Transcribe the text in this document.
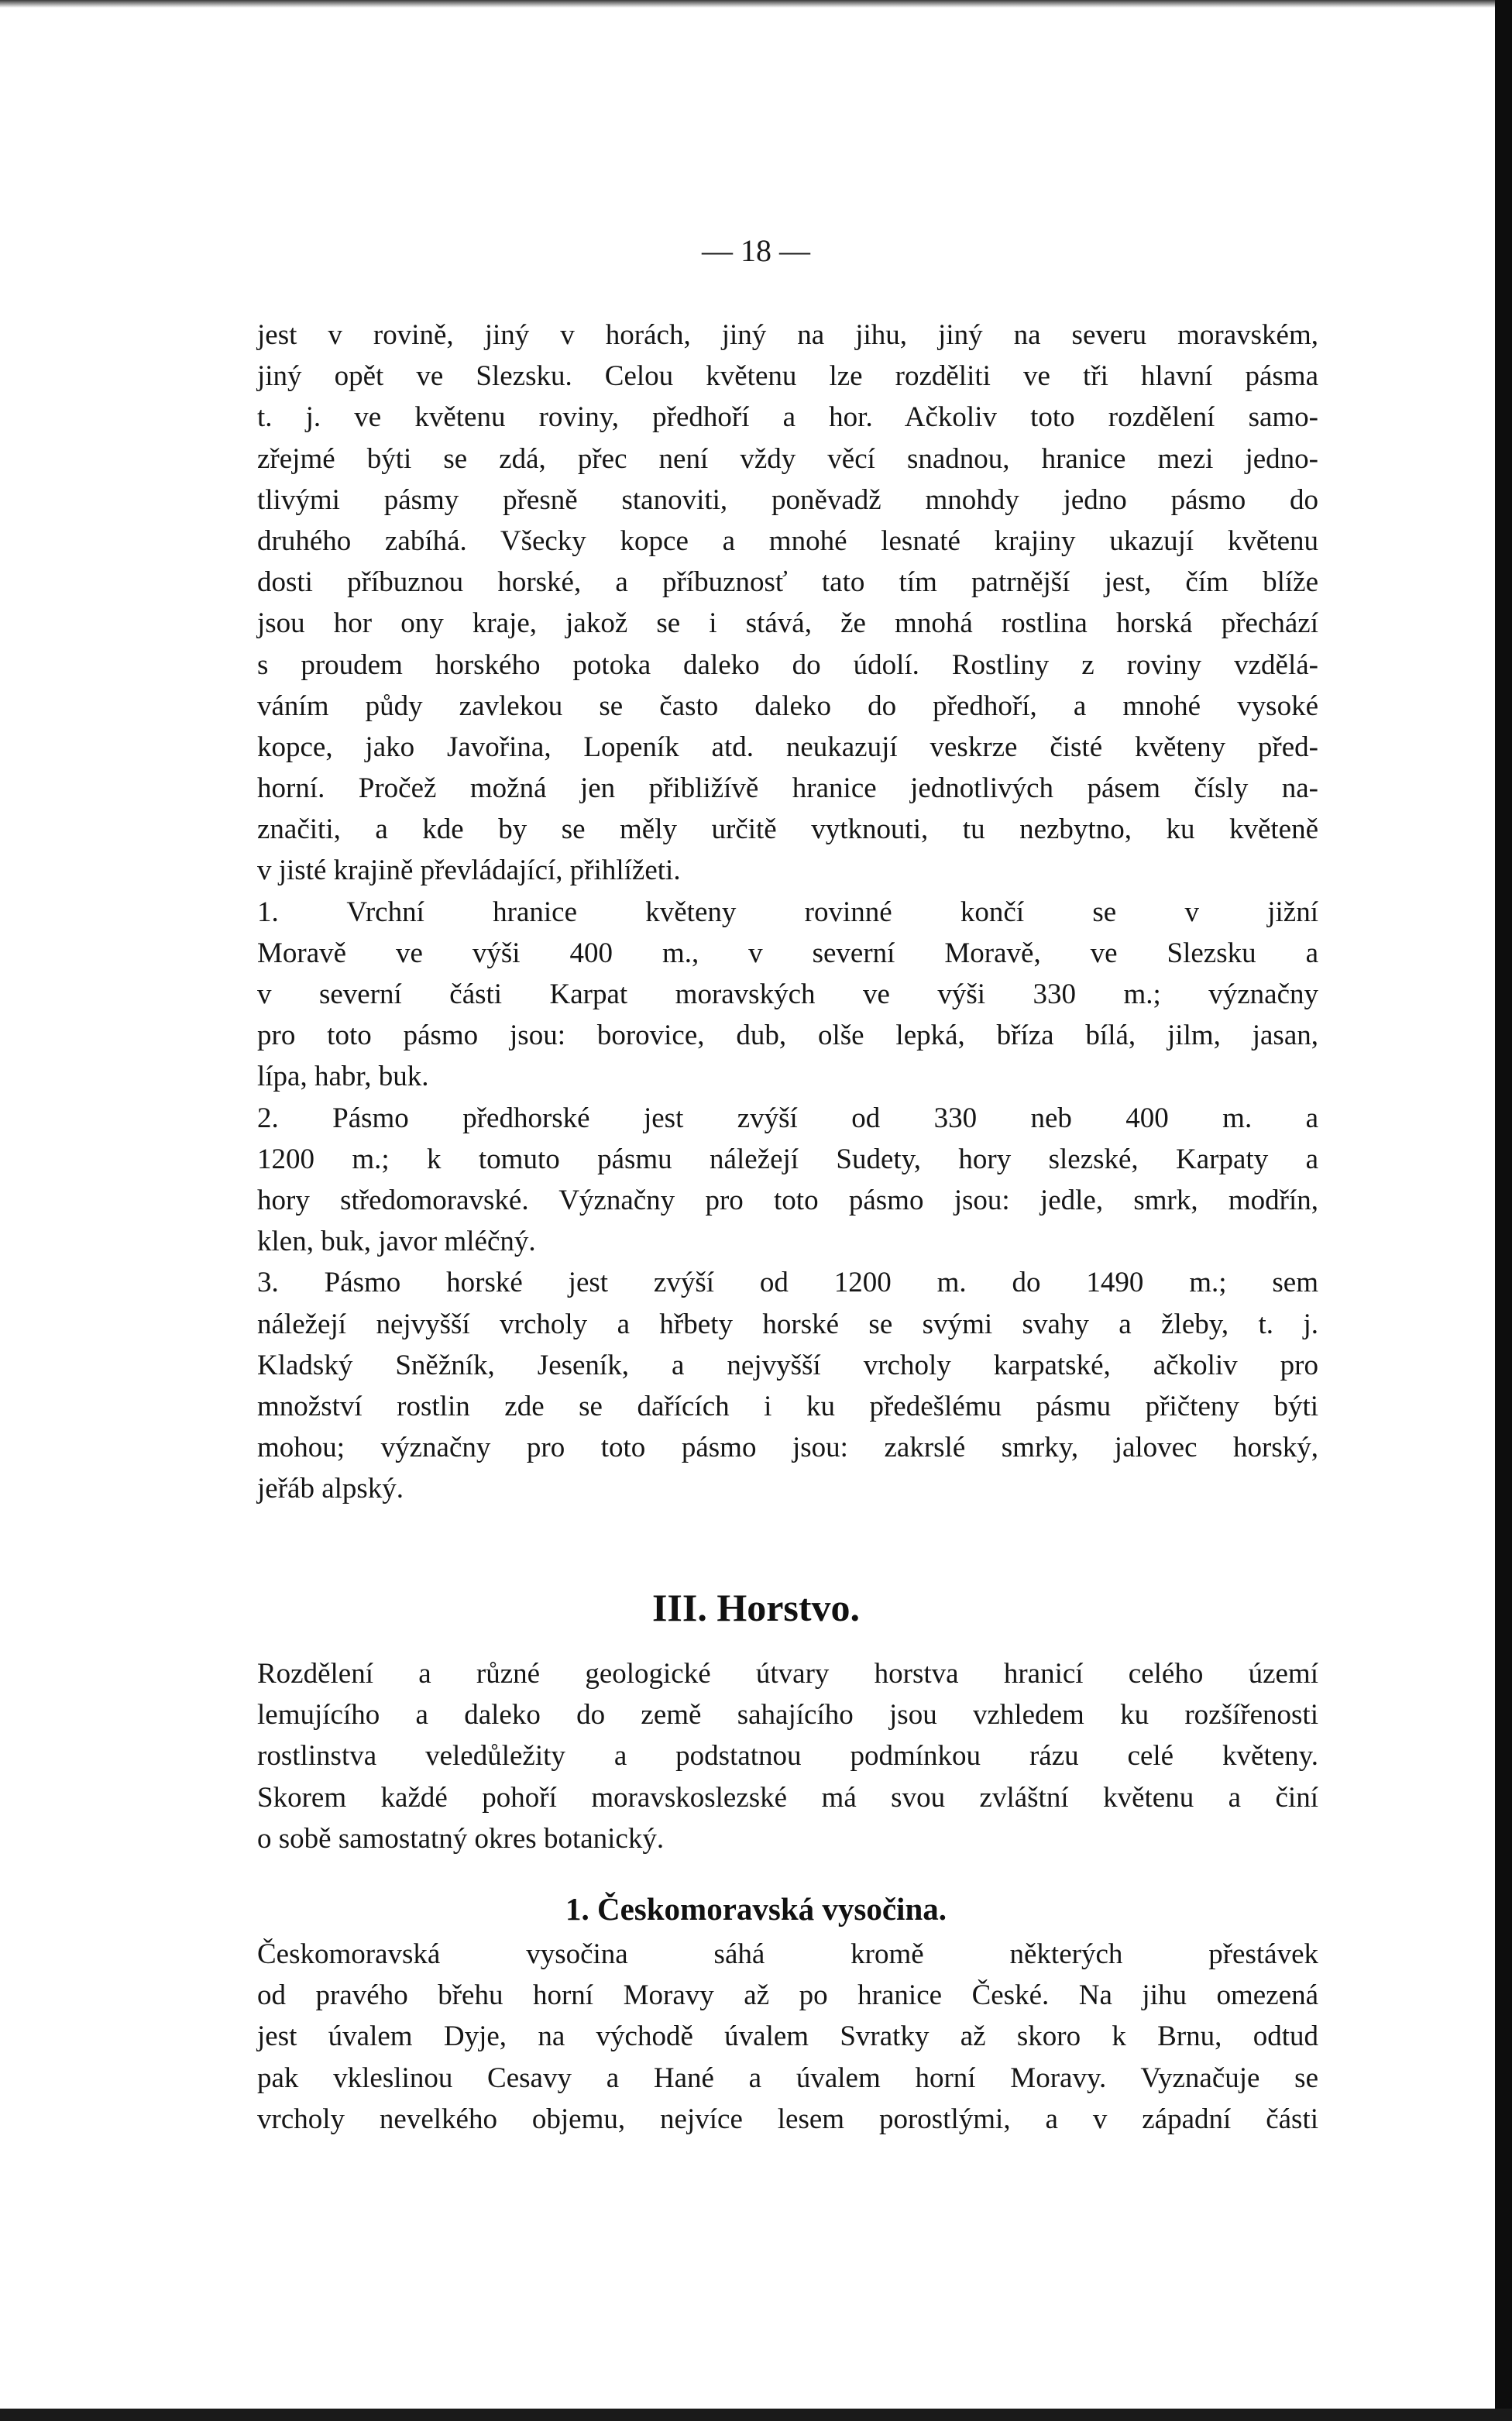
— 18 —
jest v rovině, jiný v horách, jiný na jihu, jiný na severu moravském,
jiný opět ve Slezsku. Celou květenu lze rozděliti ve tři hlavní pásma
t. j. ve květenu roviny, předhoří a hor. Ačkoliv toto rozdělení samo-
zřejmé býti se zdá, přec není vždy věcí snadnou, hranice mezi jedno-
tlivými pásmy přesně stanoviti, poněvadž mnohdy jedno pásmo do
druhého zabíhá. Všecky kopce a mnohé lesnaté krajiny ukazují květenu
dosti příbuznou horské, a příbuznosť tato tím patrnější jest, čím blíže
jsou hor ony kraje, jakož se i stává, že mnohá rostlina horská přechází
s proudem horského potoka daleko do údolí. Rostliny z roviny vzdělá-
váním půdy zavlekou se často daleko do předhoří, a mnohé vysoké
kopce, jako Javořina, Lopeník atd. neukazují veskrze čisté květeny před-
horní. Pročež možná jen přibližívě hranice jednotlivých pásem čísly na-
značiti, a kde by se měly určitě vytknouti, tu nezbytno, ku květeně
v jisté krajině převládající, přihlížeti.
1. Vrchní hranice květeny rovinné končí se v jižní
Moravě ve výši 400 m., v severní Moravě, ve Slezsku a
v severní části Karpat moravských ve výši 330 m.; význačny
pro toto pásmo jsou: borovice, dub, olše lepká, bříza bílá, jilm, jasan,
lípa, habr, buk.
2. Pásmo předhorské jest zvýší od 330 neb 400 m. a
1200 m.; k tomuto pásmu náležejí Sudety, hory slezské, Karpaty a
hory středomoravské. Význačny pro toto pásmo jsou: jedle, smrk, modřín,
klen, buk, javor mléčný.
3. Pásmo horské jest zvýší od 1200 m. do 1490 m.; sem
náležejí nejvyšší vrcholy a hřbety horské se svými svahy a žleby, t. j.
Kladský Sněžník, Jeseník, a nejvyšší vrcholy karpatské, ačkoliv pro
množství rostlin zde se dařících i ku předešlému pásmu přičteny býti
mohou; význačny pro toto pásmo jsou: zakrslé smrky, jalovec horský,
jeřáb alpský.
III. Horstvo.
Rozdělení a různé geologické útvary horstva hranicí celého území
lemujícího a daleko do země sahajícího jsou vzhledem ku rozšířenosti
rostlinstva veledůležity a podstatnou podmínkou rázu celé květeny.
Skorem každé pohoří moravskoslezské má svou zvláštní květenu a činí
o sobě samostatný okres botanický.
1. Českomoravská vysočina.
Českomoravská vysočina sáhá kromě některých přestávek
od pravého břehu horní Moravy až po hranice České. Na jihu omezená
jest úvalem Dyje, na východě úvalem Svratky až skoro k Brnu, odtud
pak vkleslinou Cesavy a Hané a úvalem horní Moravy. Vyznačuje se
vrcholy nevelkého objemu, nejvíce lesem porostlými, a v západní části
